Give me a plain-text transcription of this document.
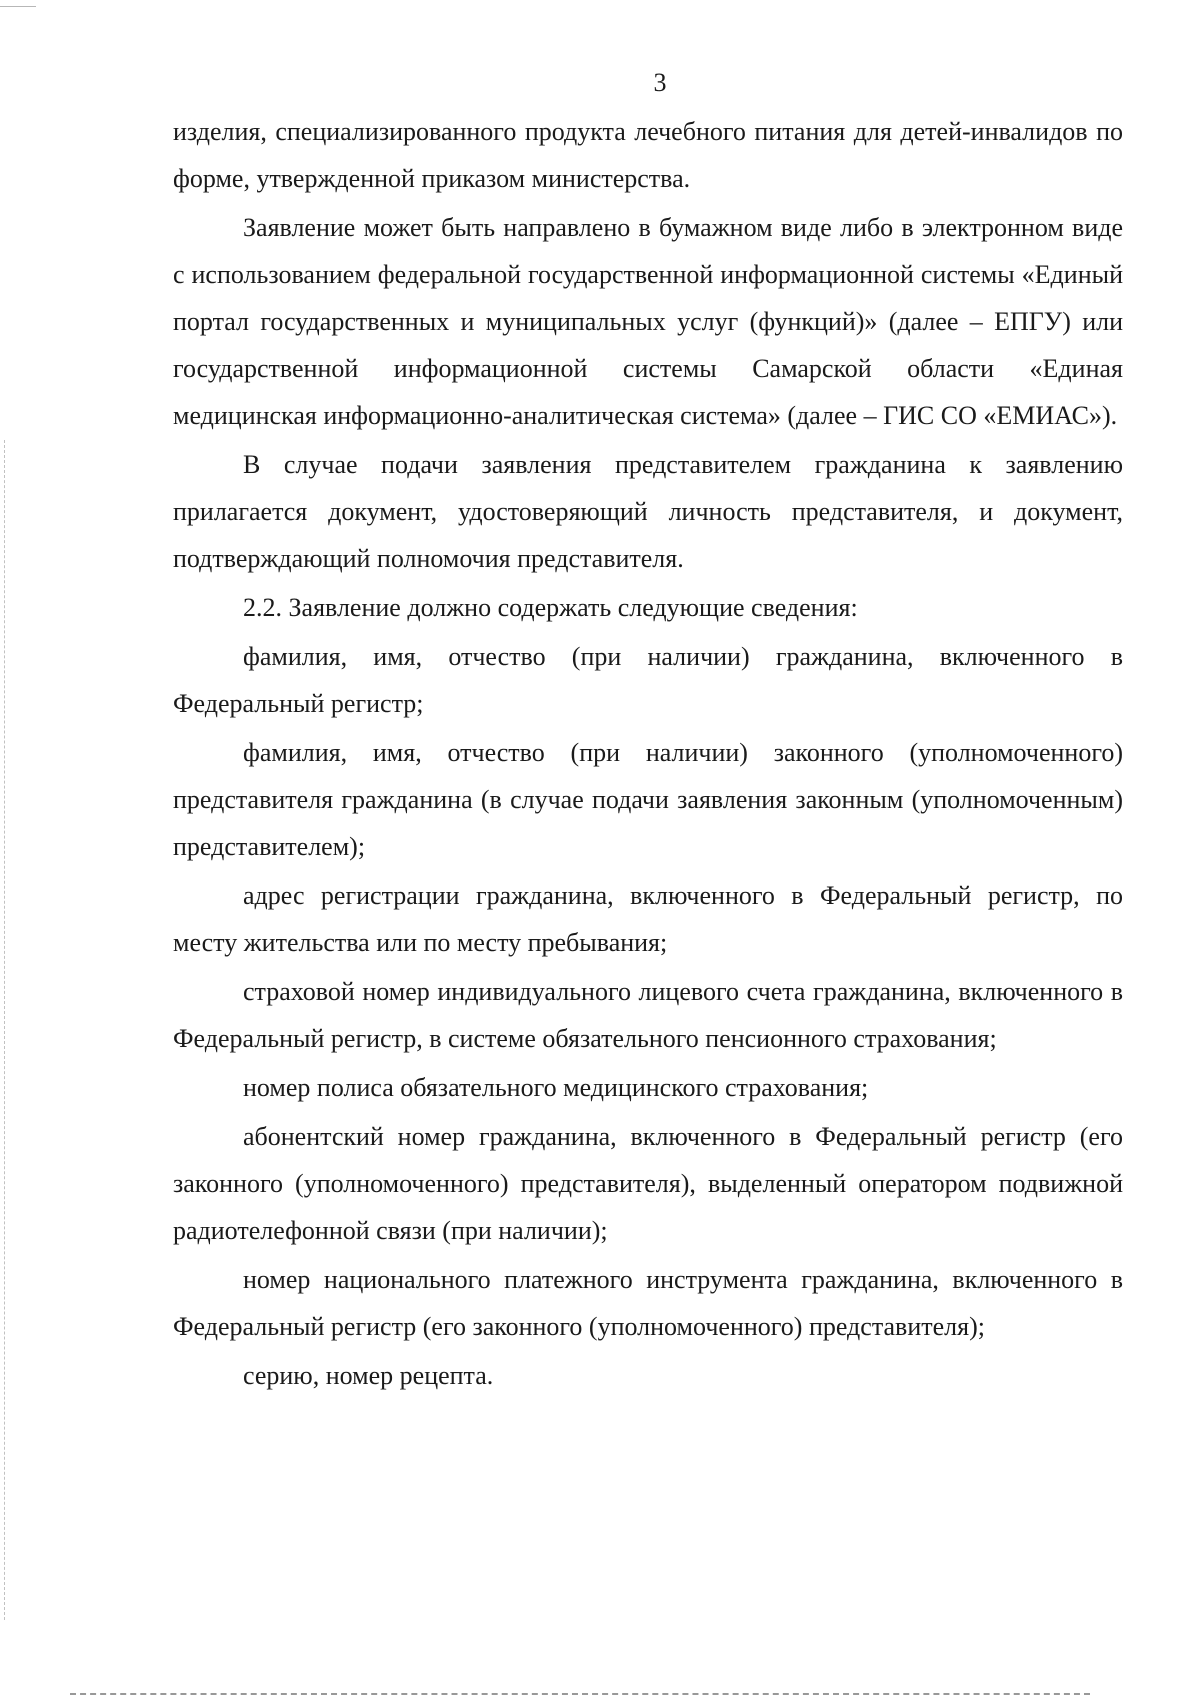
3

изделия, специализированного продукта лечебного питания для детей-инвалидов по форме, утвержденной приказом министерства.

Заявление может быть направлено в бумажном виде либо в электронном виде с использованием федеральной государственной информационной системы «Единый портал государственных и муниципальных услуг (функций)» (далее – ЕПГУ) или государственной информационной системы Самарской области «Единая медицинская информационно-аналитическая система» (далее – ГИС СО «ЕМИАС»).

В случае подачи заявления представителем гражданина к заявлению прилагается документ, удостоверяющий личность представителя, и документ, подтверждающий полномочия представителя.

2.2. Заявление должно содержать следующие сведения:

фамилия, имя, отчество (при наличии) гражданина, включенного в Федеральный регистр;

фамилия, имя, отчество (при наличии) законного (уполномоченного) представителя гражданина (в случае подачи заявления законным (уполномоченным) представителем);

адрес регистрации гражданина, включенного в Федеральный регистр, по месту жительства или по месту пребывания;

страховой номер индивидуального лицевого счета гражданина, включенного в Федеральный регистр, в системе обязательного пенсионного страхования;

номер полиса обязательного медицинского страхования;

абонентский номер гражданина, включенного в Федеральный регистр (его законного (уполномоченного) представителя), выделенный оператором подвижной радиотелефонной связи (при наличии);

номер национального платежного инструмента гражданина, включенного в Федеральный регистр (его законного (уполномоченного) представителя);

серию, номер рецепта.
